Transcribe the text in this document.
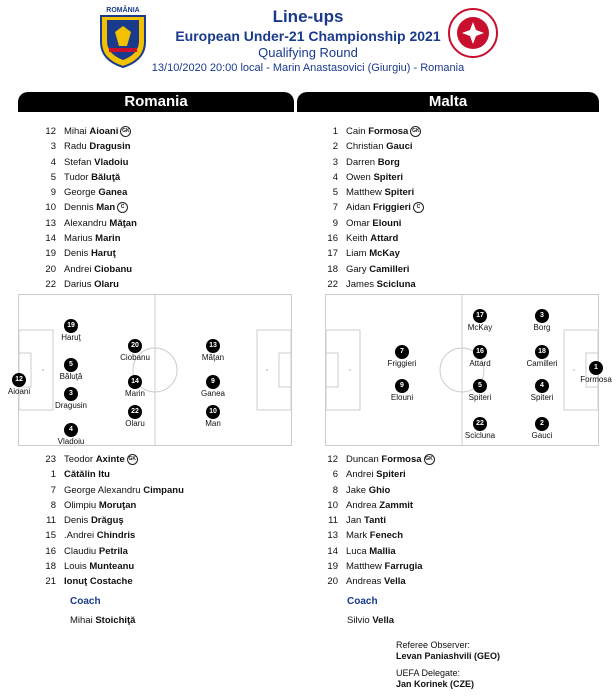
ROMÂNIA	Line-ups
European Under-21 Championship 2021
Qualifying Round
13/10/2020 20:00 local - Marin Anastasovici (Giurgiu) - Romania
Romania	Malta
12 Mihai Aioani GK
3 Radu Dragusin
4 Stefan Vladoiu
5 Tudor Băluţă
9 George Ganea
10 Dennis Man C
13 Alexandru Măţan
14 Marius Marin
19 Denis Haruţ
20 Andrei Ciobanu
22 Darius Olaru
1 Cain Formosa GK
2 Christian Gauci
3 Darren Borg
4 Owen Spiteri
5 Matthew Spiteri
7 Aidan Friggieri C
9 Omar Elouni
16 Keith Attard
17 Liam McKay
18 Gary Camilleri
22 James Scicluna
12
Aioani
19
Haruţ
5
Băluţă
3
Dragusin
4
Vladoiu
20
Ciobanu
14
Marin
22
Olaru
13
Măţan
9
Ganea
10
Man
17
McKay
3
Borg
7
Friggieri
16
Attard
18
Camilleri	1
Formosa
9
Elouni
5
Spiteri
4
Spiteri
22
Scicluna
2
Gauci
23 Teodor Axinte GK
1 Cătălin Itu
7 George Alexandru Cimpanu
8 Olimpiu Moruţan
11 Denis Drăguş
15 .Andrei Chindris
16 Claudiu Petrila
18 Louis Munteanu
21 Ionuţ Costache
12 Duncan Formosa GK
6 Andrei Spiteri
8 Jake Ghio
10 Andrea Zammit
11 Jan Tanti
13 Mark Fenech
14 Luca Mallia
19 Matthew Farrugia
20 Andreas Vella
Coach
Mihai Stoichiţă
Coach
Silvio Vella
Referee Observer:
Levan Paniashvili (GEO)
UEFA Delegate:
Jan Korinek (CZE)
